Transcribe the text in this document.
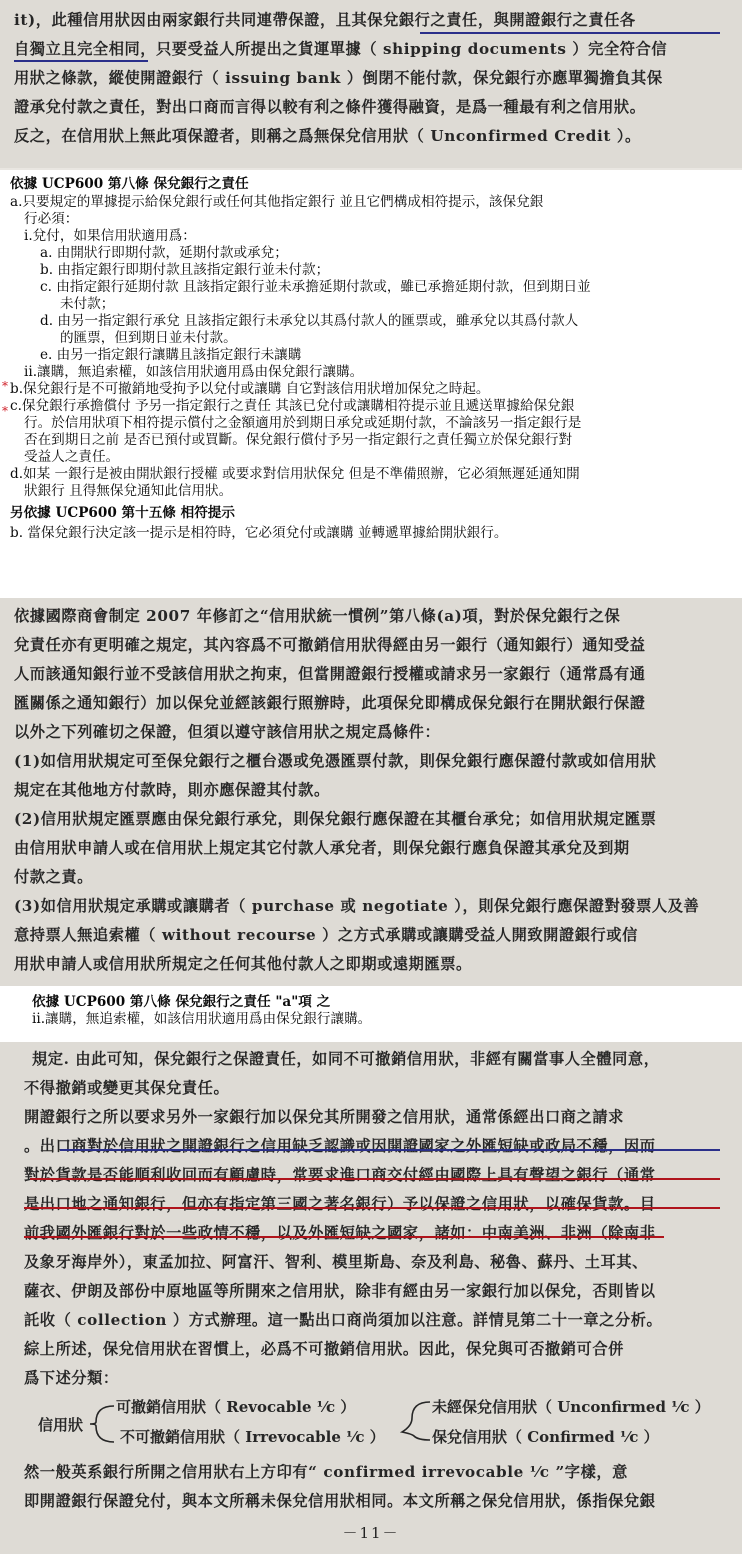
it)，此種信用狀因由兩家銀行共同連帶保證，且其保兌銀行之責任，與開證銀行之責任各

自獨立且完全相同，只要受益人所提出之貨運單據（ shipping documents ）完全符合信

用狀之條款，縱使開證銀行（ issuing bank ）倒閉不能付款，保兌銀行亦應單獨擔負其保

證承兌付款之責任，對出口商而言得以較有利之條件獲得融資，是爲一種最有利之信用狀。

反之，在信用狀上無此項保證者，則稱之爲無保兌信用狀（ Unconfirmed Credit ）。

依據 UCP600 第八條 保兌銀行之責任

a.只要規定的單據提示給保兌銀行或任何其他指定銀行 並且它們構成相符提示，該保兌銀

行必須：

i.兌付，如果信用狀適用爲：

a. 由開狀行即期付款，延期付款或承兌；

b. 由指定銀行即期付款且該指定銀行並未付款；

c. 由指定銀行延期付款 且該指定銀行並未承擔延期付款或，雖已承擔延期付款，但到期日並

未付款；

d. 由另一指定銀行承兌 且該指定銀行未承兌以其爲付款人的匯票或，雖承兌以其爲付款人

的匯票，但到期日並未付款。

e. 由另一指定銀行讓購且該指定銀行未讓購

ii.讓購，無追索權，如該信用狀適用爲由保兌銀行讓購。

b.保兌銀行是不可撤銷地受拘予以兌付或讓購 自它對該信用狀增加保兌之時起。

c.保兌銀行承擔償付 予另一指定銀行之責任 其該已兌付或讓購相符提示並且遞送單據給保兌銀

行。於信用狀項下相符提示償付之金額適用於到期日承兌或延期付款，不論該另一指定銀行是

否在到期日之前 是否已預付或買斷。保兌銀行償付予另一指定銀行之責任獨立於保兌銀行對

受益人之責任。

d.如某 一銀行是被由開狀銀行授權 或要求對信用狀保兌 但是不準備照辦，它必須無遲延通知開

狀銀行 且得無保兌通知此信用狀。

另依據 UCP600 第十五條 相符提示

b. 當保兌銀行決定該一提示是相符時，它必須兌付或讓購 並轉遞單據給開狀銀行。

*
*

依據國際商會制定 2007 年修訂之“信用狀統一慣例”第八條(a)項，對於保兌銀行之保

兌責任亦有更明確之規定，其內容爲不可撤銷信用狀得經由另一銀行（通知銀行）通知受益

人而該通知銀行並不受該信用狀之拘束，但當開證銀行授權或請求另一家銀行（通常爲有通

匯關係之通知銀行）加以保兌並經該銀行照辦時，此項保兌即構成保兌銀行在開狀銀行保證

以外之下列確切之保證，但須以遵守該信用狀之規定爲條件：

(1)如信用狀規定可至保兌銀行之櫃台憑或免憑匯票付款，則保兌銀行應保證付款或如信用狀

規定在其他地方付款時，則亦應保證其付款。

(2)信用狀規定匯票應由保兌銀行承兌，則保兌銀行應保證在其櫃台承兌；如信用狀規定匯票

由信用狀申請人或在信用狀上規定其它付款人承兌者，則保兌銀行應負保證其承兌及到期

付款之責。

(3)如信用狀規定承購或讓購者（ purchase 或 negotiate ），則保兌銀行應保證對發票人及善

意持票人無追索權（ without recourse ）之方式承購或讓購受益人開致開證銀行或信

用狀申請人或信用狀所規定之任何其他付款人之即期或遠期匯票。

依據 UCP600 第八條 保兌銀行之責任 "a"項 之

ii.讓購，無追索權，如該信用狀適用爲由保兌銀行讓購。

規定. 由此可知，保兌銀行之保證責任，如同不可撤銷信用狀，非經有關當事人全體同意，

不得撤銷或變更其保兌責任。

開證銀行之所以要求另外一家銀行加以保兌其所開發之信用狀，通常係經出口商之請求

。出口商對於信用狀之開證銀行之信用缺乏認識或因開證國家之外匯短缺或政局不穩，因而

對於貨款是否能順利收回而有顧慮時，常要求進口商交付經由國際上具有聲望之銀行（通常

是出口地之通知銀行，但亦有指定第三國之著名銀行）予以保證之信用狀，以確保貨款。目

前我國外匯銀行對於一些政情不穩，以及外匯短缺之國家，諸如：中南美洲、非洲（除南非

及象牙海岸外），東孟加拉、阿富汗、智利、模里斯島、奈及利島、秘魯、蘇丹、土耳其、

薩衣、伊朗及部份中原地區等所開來之信用狀，除非有經由另一家銀行加以保兌，否則皆以

託收（ collection ）方式辦理。這一點出口商尚須加以注意。詳情見第二十一章之分析。

綜上所述，保兌信用狀在習慣上，必爲不可撤銷信用狀。因此，保兌與可否撤銷可合併

爲下述分類：

信用狀
可撤銷信用狀（ Revocable ⅟c ）
不可撤銷信用狀（ Irrevocable ⅟c ）
未經保兌信用狀（ Unconfirmed ⅟c ）
保兌信用狀（ Confirmed ⅟c ）

然一般英系銀行所開之信用狀右上方印有“ confirmed irrevocable ⅟c ”字樣，意

即開證銀行保證兌付，與本文所稱未保兌信用狀相同。本文所稱之保兌信用狀，係指保兌銀

－11－
